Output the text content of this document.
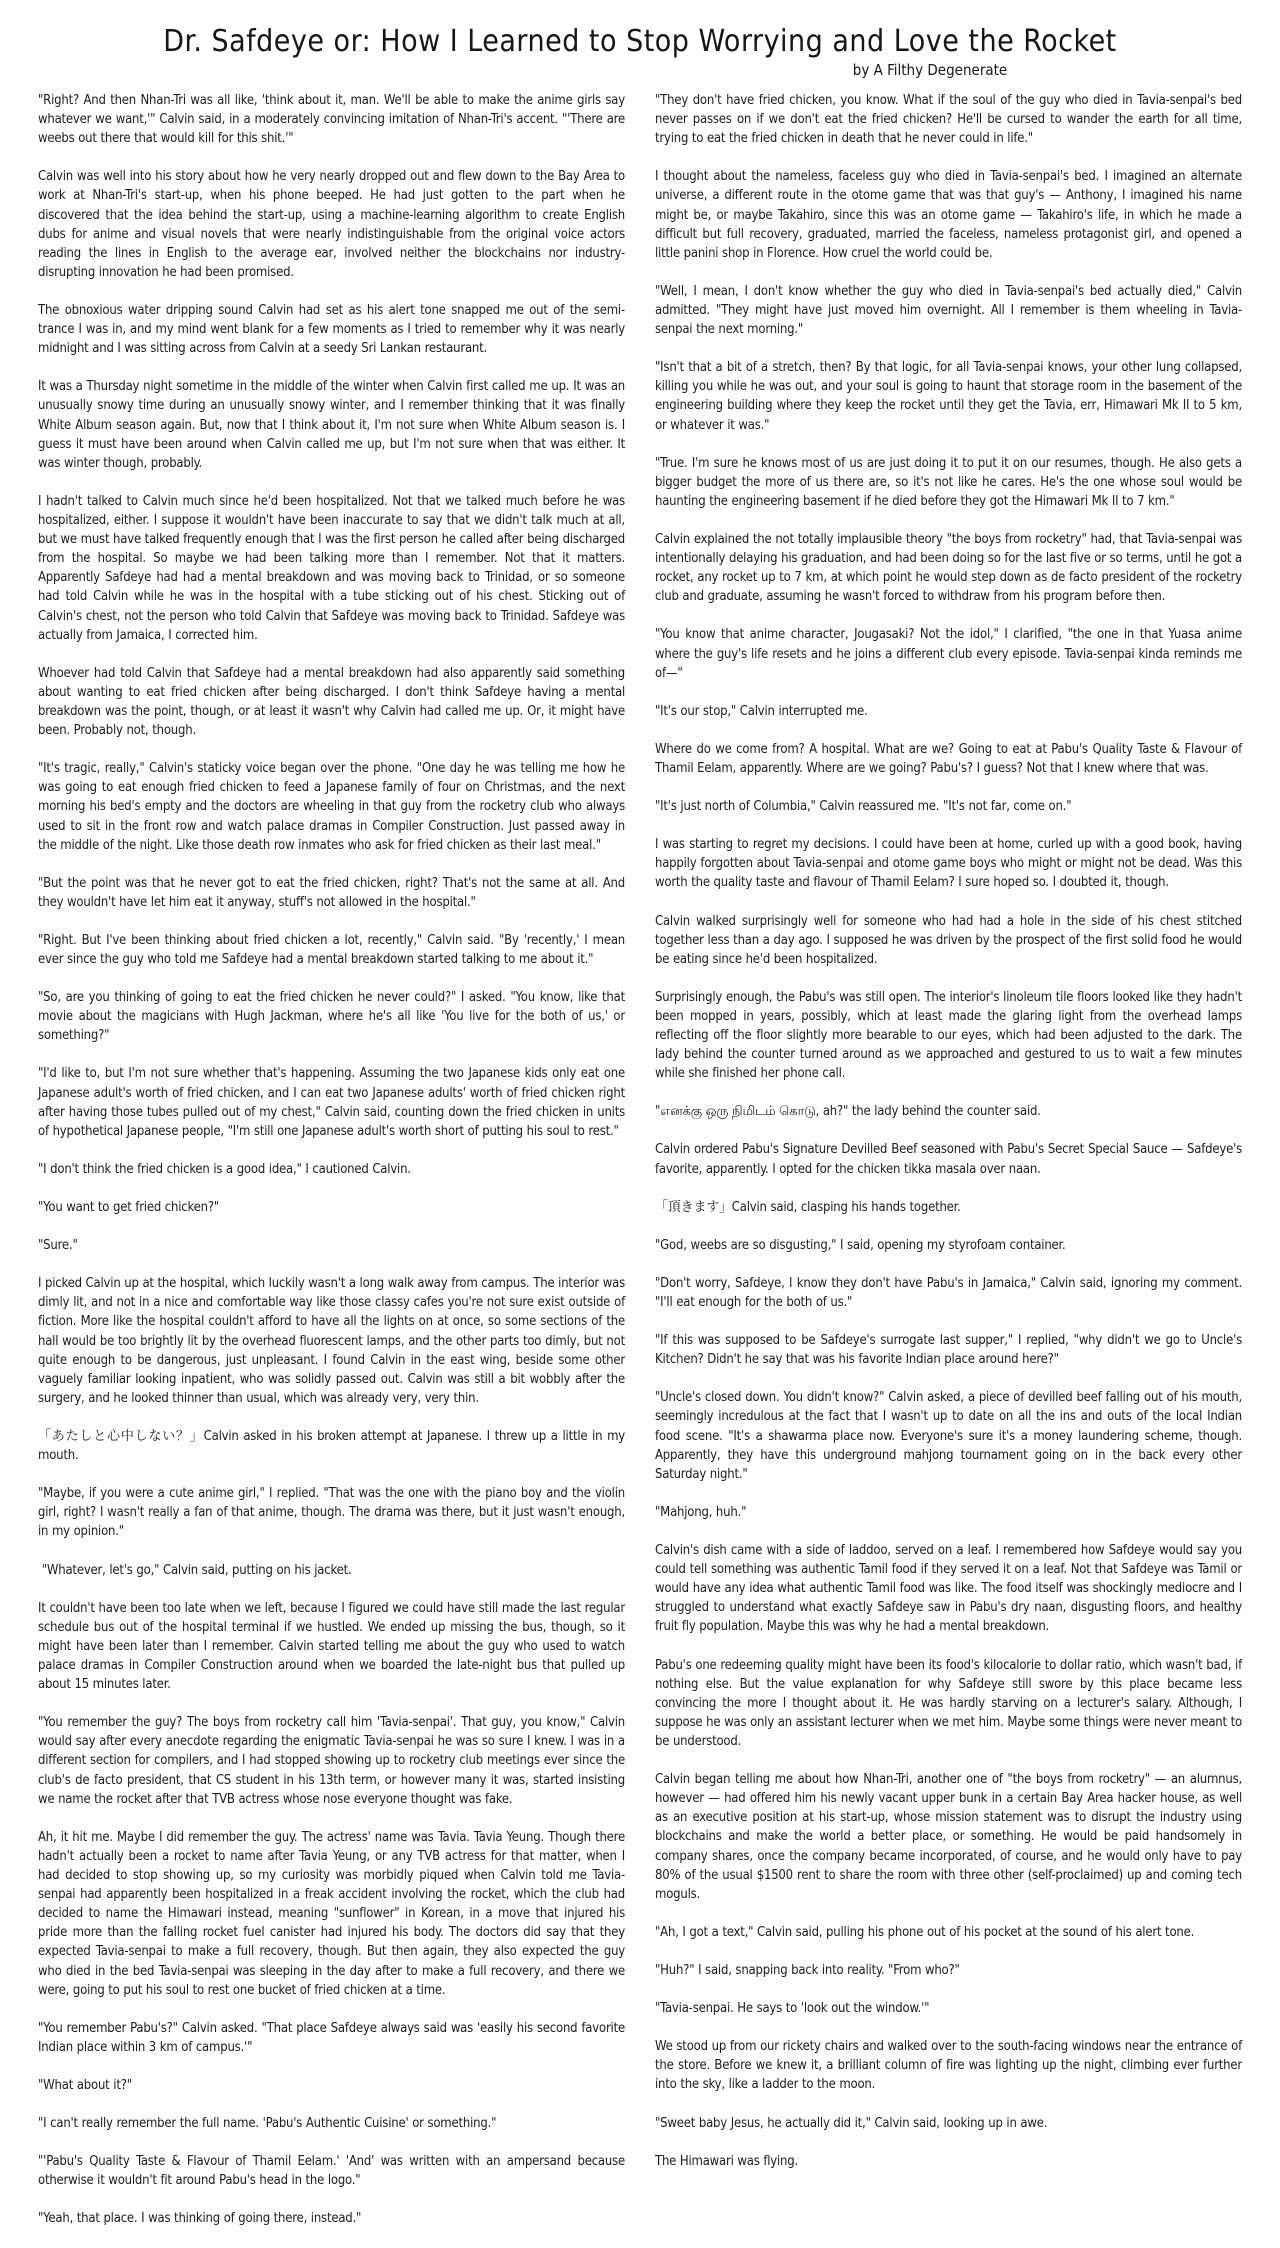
Dr. Safdeye or: How I Learned to Stop Worrying and Love the Rocket
by A Filthy Degenerate

"Right? And then Nhan-Tri was all like, 'think about it, man. We'll be able to make the anime girls say whatever we want,'" Calvin said, in a moderately convincing imitation of Nhan-Tri's accent. "'There are weebs out there that would kill for this shit.'"

Calvin was well into his story about how he very nearly dropped out and flew down to the Bay Area to work at Nhan-Tri's start-up, when his phone beeped. He had just gotten to the part when he discovered that the idea behind the start-up, using a machine-learning algorithm to create English dubs for anime and visual novels that were nearly indistinguishable from the original voice actors reading the lines in English to the average ear, involved neither the blockchains nor industry-disrupting innovation he had been promised.

The obnoxious water dripping sound Calvin had set as his alert tone snapped me out of the semi-trance I was in, and my mind went blank for a few moments as I tried to remember why it was nearly midnight and I was sitting across from Calvin at a seedy Sri Lankan restaurant.

It was a Thursday night sometime in the middle of the winter when Calvin first called me up. It was an unusually snowy time during an unusually snowy winter, and I remember thinking that it was finally White Album season again. But, now that I think about it, I'm not sure when White Album season is. I guess it must have been around when Calvin called me up, but I'm not sure when that was either. It was winter though, probably.

I hadn't talked to Calvin much since he'd been hospitalized. Not that we talked much before he was hospitalized, either. I suppose it wouldn't have been inaccurate to say that we didn't talk much at all, but we must have talked frequently enough that I was the first person he called after being discharged from the hospital. So maybe we had been talking more than I remember. Not that it matters. Apparently Safdeye had had a mental breakdown and was moving back to Trinidad, or so someone had told Calvin while he was in the hospital with a tube sticking out of his chest. Sticking out of Calvin's chest, not the person who told Calvin that Safdeye was moving back to Trinidad. Safdeye was actually from Jamaica, I corrected him.

Whoever had told Calvin that Safdeye had a mental breakdown had also apparently said something about wanting to eat fried chicken after being discharged. I don't think Safdeye having a mental breakdown was the point, though, or at least it wasn't why Calvin had called me up. Or, it might have been. Probably not, though.

"It's tragic, really," Calvin's staticky voice began over the phone. "One day he was telling me how he was going to eat enough fried chicken to feed a Japanese family of four on Christmas, and the next morning his bed's empty and the doctors are wheeling in that guy from the rocketry club who always used to sit in the front row and watch palace dramas in Compiler Construction. Just passed away in the middle of the night. Like those death row inmates who ask for fried chicken as their last meal."

"But the point was that he never got to eat the fried chicken, right? That's not the same at all. And they wouldn't have let him eat it anyway, stuff's not allowed in the hospital."

"Right. But I've been thinking about fried chicken a lot, recently," Calvin said. "By 'recently,' I mean ever since the guy who told me Safdeye had a mental breakdown started talking to me about it."

"So, are you thinking of going to eat the fried chicken he never could?" I asked. "You know, like that movie about the magicians with Hugh Jackman, where he's all like 'You live for the both of us,' or something?"

"I'd like to, but I'm not sure whether that's happening. Assuming the two Japanese kids only eat one Japanese adult's worth of fried chicken, and I can eat two Japanese adults' worth of fried chicken right after having those tubes pulled out of my chest," Calvin said, counting down the fried chicken in units of hypothetical Japanese people, "I'm still one Japanese adult's worth short of putting his soul to rest."

"I don't think the fried chicken is a good idea," I cautioned Calvin.

"You want to get fried chicken?"

"Sure."

I picked Calvin up at the hospital, which luckily wasn't a long walk away from campus. The interior was dimly lit, and not in a nice and comfortable way like those classy cafes you're not sure exist outside of fiction. More like the hospital couldn't afford to have all the lights on at once, so some sections of the hall would be too brightly lit by the overhead fluorescent lamps, and the other parts too dimly, but not quite enough to be dangerous, just unpleasant. I found Calvin in the east wing, beside some other vaguely familiar looking inpatient, who was solidly passed out. Calvin was still a bit wobbly after the surgery, and he looked thinner than usual, which was already very, very thin.

「あたしと心中しない？」Calvin asked in his broken attempt at Japanese. I threw up a little in my mouth.

"Maybe, if you were a cute anime girl," I replied. "That was the one with the piano boy and the violin girl, right? I wasn't really a fan of that anime, though. The drama was there, but it just wasn't enough, in my opinion."

"Whatever, let's go," Calvin said, putting on his jacket.

It couldn't have been too late when we left, because I figured we could have still made the last regular schedule bus out of the hospital terminal if we hustled. We ended up missing the bus, though, so it might have been later than I remember. Calvin started telling me about the guy who used to watch palace dramas in Compiler Construction around when we boarded the late-night bus that pulled up about 15 minutes later.

"You remember the guy? The boys from rocketry call him 'Tavia-senpai'. That guy, you know," Calvin would say after every anecdote regarding the enigmatic Tavia-senpai he was so sure I knew. I was in a different section for compilers, and I had stopped showing up to rocketry club meetings ever since the club's de facto president, that CS student in his 13th term, or however many it was, started insisting we name the rocket after that TVB actress whose nose everyone thought was fake.

Ah, it hit me. Maybe I did remember the guy. The actress' name was Tavia. Tavia Yeung. Though there hadn't actually been a rocket to name after Tavia Yeung, or any TVB actress for that matter, when I had decided to stop showing up, so my curiosity was morbidly piqued when Calvin told me Tavia-senpai had apparently been hospitalized in a freak accident involving the rocket, which the club had decided to name the Himawari instead, meaning "sunflower" in Korean, in a move that injured his pride more than the falling rocket fuel canister had injured his body. The doctors did say that they expected Tavia-senpai to make a full recovery, though. But then again, they also expected the guy who died in the bed Tavia-senpai was sleeping in the day after to make a full recovery, and there we were, going to put his soul to rest one bucket of fried chicken at a time.

"You remember Pabu's?" Calvin asked. "That place Safdeye always said was 'easily his second favorite Indian place within 3 km of campus.'"

"What about it?"

"I can't really remember the full name. 'Pabu's Authentic Cuisine' or something."

"'Pabu's Quality Taste & Flavour of Thamil Eelam.' 'And' was written with an ampersand because otherwise it wouldn't fit around Pabu's head in the logo."

"Yeah, that place. I was thinking of going there, instead."

"They don't have fried chicken, you know. What if the soul of the guy who died in Tavia-senpai's bed never passes on if we don't eat the fried chicken? He'll be cursed to wander the earth for all time, trying to eat the fried chicken in death that he never could in life."

I thought about the nameless, faceless guy who died in Tavia-senpai's bed. I imagined an alternate universe, a different route in the otome game that was that guy's — Anthony, I imagined his name might be, or maybe Takahiro, since this was an otome game — Takahiro's life, in which he made a difficult but full recovery, graduated, married the faceless, nameless protagonist girl, and opened a little panini shop in Florence. How cruel the world could be.

"Well, I mean, I don't know whether the guy who died in Tavia-senpai's bed actually died," Calvin admitted. "They might have just moved him overnight. All I remember is them wheeling in Tavia-senpai the next morning."

"Isn't that a bit of a stretch, then? By that logic, for all Tavia-senpai knows, your other lung collapsed, killing you while he was out, and your soul is going to haunt that storage room in the basement of the engineering building where they keep the rocket until they get the Tavia, err, Himawari Mk II to 5 km, or whatever it was."

"True. I'm sure he knows most of us are just doing it to put it on our resumes, though. He also gets a bigger budget the more of us there are, so it's not like he cares. He's the one whose soul would be haunting the engineering basement if he died before they got the Himawari Mk II to 7 km."

Calvin explained the not totally implausible theory "the boys from rocketry" had, that Tavia-senpai was intentionally delaying his graduation, and had been doing so for the last five or so terms, until he got a rocket, any rocket up to 7 km, at which point he would step down as de facto president of the rocketry club and graduate, assuming he wasn't forced to withdraw from his program before then.

"You know that anime character, Jougasaki? Not the idol," I clarified, "the one in that Yuasa anime where the guy's life resets and he joins a different club every episode. Tavia-senpai kinda reminds me of—"

"It's our stop," Calvin interrupted me.

Where do we come from? A hospital. What are we? Going to eat at Pabu's Quality Taste & Flavour of Thamil Eelam, apparently. Where are we going? Pabu's? I guess? Not that I knew where that was.

"It's just north of Columbia," Calvin reassured me. "It's not far, come on."

I was starting to regret my decisions. I could have been at home, curled up with a good book, having happily forgotten about Tavia-senpai and otome game boys who might or might not be dead. Was this worth the quality taste and flavour of Thamil Eelam? I sure hoped so. I doubted it, though.

Calvin walked surprisingly well for someone who had had a hole in the side of his chest stitched together less than a day ago. I supposed he was driven by the prospect of the first solid food he would be eating since he'd been hospitalized.

Surprisingly enough, the Pabu's was still open. The interior's linoleum tile floors looked like they hadn't been mopped in years, possibly, which at least made the glaring light from the overhead lamps reflecting off the floor slightly more bearable to our eyes, which had been adjusted to the dark. The lady behind the counter turned around as we approached and gestured to us to wait a few minutes while she finished her phone call.

"எனக்கு ஒரு நிமிடம் கொடு, ah?" the lady behind the counter said.

Calvin ordered Pabu's Signature Devilled Beef seasoned with Pabu's Secret Special Sauce — Safdeye's favorite, apparently. I opted for the chicken tikka masala over naan.

「頂きます」Calvin said, clasping his hands together.

"God, weebs are so disgusting," I said, opening my styrofoam container.

"Don't worry, Safdeye, I know they don't have Pabu's in Jamaica," Calvin said, ignoring my comment. "I'll eat enough for the both of us."

"If this was supposed to be Safdeye's surrogate last supper," I replied, "why didn't we go to Uncle's Kitchen? Didn't he say that was his favorite Indian place around here?"

"Uncle's closed down. You didn't know?" Calvin asked, a piece of devilled beef falling out of his mouth, seemingly incredulous at the fact that I wasn't up to date on all the ins and outs of the local Indian food scene. "It's a shawarma place now. Everyone's sure it's a money laundering scheme, though. Apparently, they have this underground mahjong tournament going on in the back every other Saturday night."

"Mahjong, huh."

Calvin's dish came with a side of laddoo, served on a leaf. I remembered how Safdeye would say you could tell something was authentic Tamil food if they served it on a leaf. Not that Safdeye was Tamil or would have any idea what authentic Tamil food was like. The food itself was shockingly mediocre and I struggled to understand what exactly Safdeye saw in Pabu's dry naan, disgusting floors, and healthy fruit fly population. Maybe this was why he had a mental breakdown.

Pabu's one redeeming quality might have been its food's kilocalorie to dollar ratio, which wasn't bad, if nothing else. But the value explanation for why Safdeye still swore by this place became less convincing the more I thought about it. He was hardly starving on a lecturer's salary. Although, I suppose he was only an assistant lecturer when we met him. Maybe some things were never meant to be understood.

Calvin began telling me about how Nhan-Tri, another one of "the boys from rocketry" — an alumnus, however — had offered him his newly vacant upper bunk in a certain Bay Area hacker house, as well as an executive position at his start-up, whose mission statement was to disrupt the industry using blockchains and make the world a better place, or something. He would be paid handsomely in company shares, once the company became incorporated, of course, and he would only have to pay 80% of the usual $1500 rent to share the room with three other (self-proclaimed) up and coming tech moguls.

"Ah, I got a text," Calvin said, pulling his phone out of his pocket at the sound of his alert tone.

"Huh?" I said, snapping back into reality. "From who?"

"Tavia-senpai. He says to 'look out the window.'"

We stood up from our rickety chairs and walked over to the south-facing windows near the entrance of the store. Before we knew it, a brilliant column of fire was lighting up the night, climbing ever further into the sky, like a ladder to the moon.

"Sweet baby Jesus, he actually did it," Calvin said, looking up in awe.

The Himawari was flying.
